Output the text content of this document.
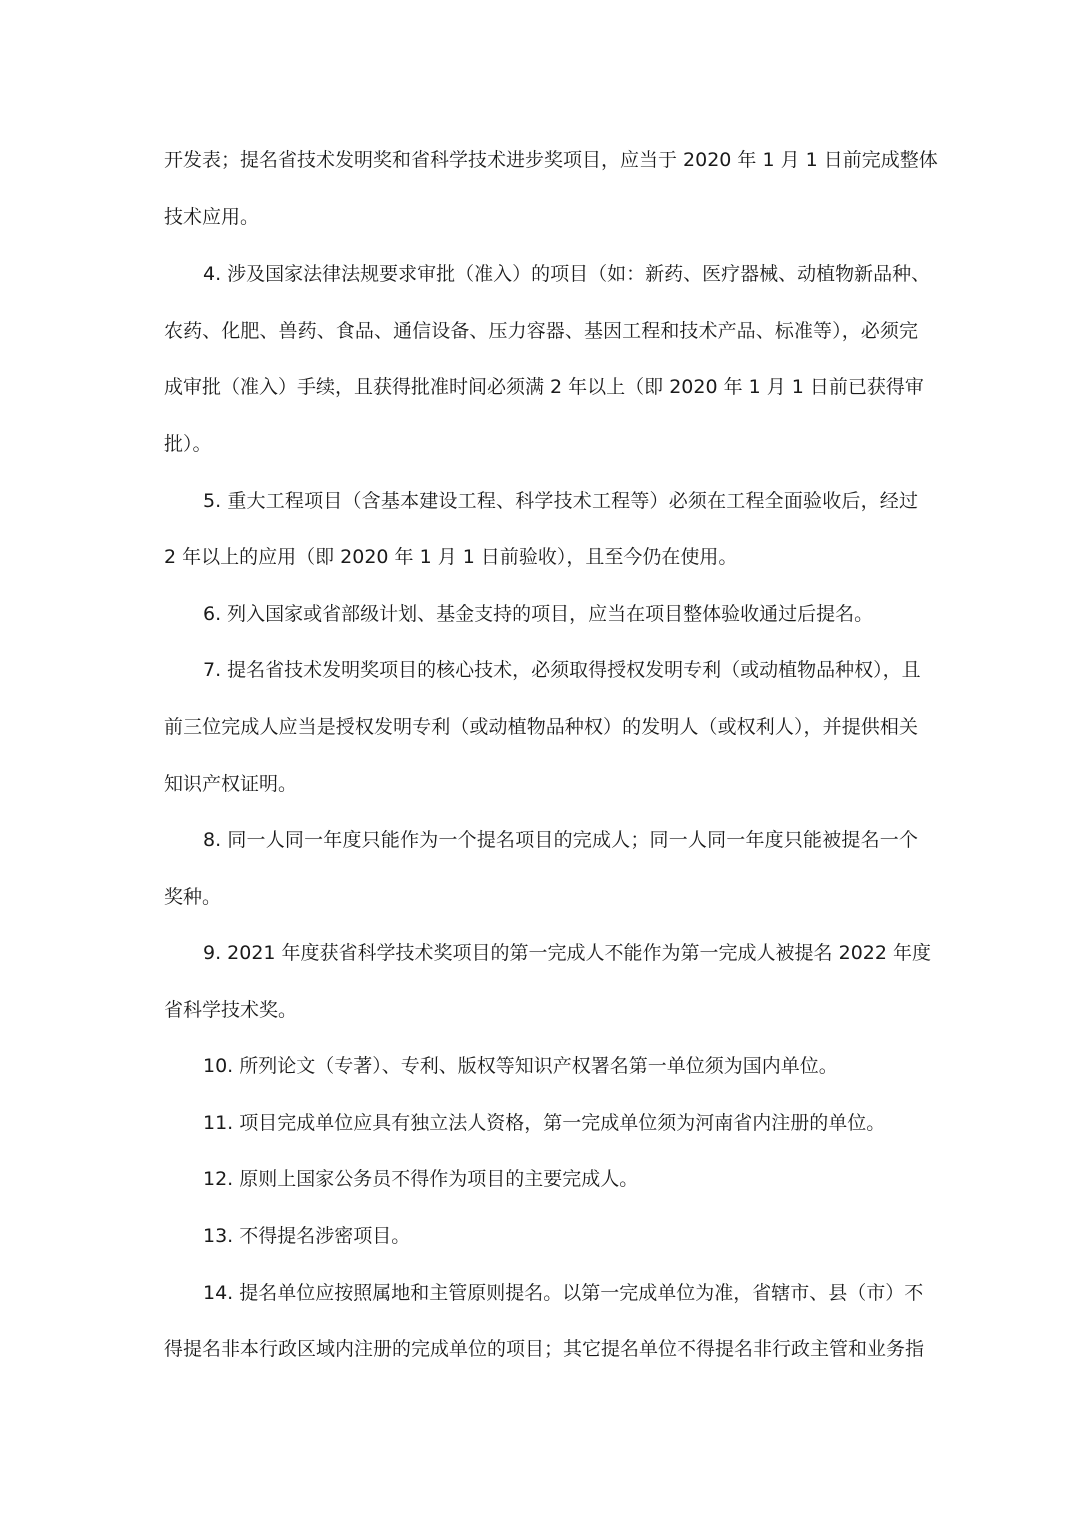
开发表；提名省技术发明奖和省科学技术进步奖项目，应当于 2020 年 1 月 1 日前完成整体
技术应用。
4. 涉及国家法律法规要求审批（准入）的项目（如：新药、医疗器械、动植物新品种、
农药、化肥、兽药、食品、通信设备、压力容器、基因工程和技术产品、标准等），必须完
成审批（准入）手续，且获得批准时间必须满 2 年以上（即 2020 年 1 月 1 日前已获得审
批）。
5. 重大工程项目（含基本建设工程、科学技术工程等）必须在工程全面验收后，经过
2 年以上的应用（即 2020 年 1 月 1 日前验收），且至今仍在使用。
6. 列入国家或省部级计划、基金支持的项目，应当在项目整体验收通过后提名。
7. 提名省技术发明奖项目的核心技术，必须取得授权发明专利（或动植物品种权），且
前三位完成人应当是授权发明专利（或动植物品种权）的发明人（或权利人），并提供相关
知识产权证明。
8. 同一人同一年度只能作为一个提名项目的完成人；同一人同一年度只能被提名一个
奖种。
9. 2021 年度获省科学技术奖项目的第一完成人不能作为第一完成人被提名 2022 年度
省科学技术奖。
10. 所列论文（专著）、专利、版权等知识产权署名第一单位须为国内单位。
11. 项目完成单位应具有独立法人资格，第一完成单位须为河南省内注册的单位。
12. 原则上国家公务员不得作为项目的主要完成人。
13. 不得提名涉密项目。
14. 提名单位应按照属地和主管原则提名。以第一完成单位为准，省辖市、县（市）不
得提名非本行政区域内注册的完成单位的项目；其它提名单位不得提名非行政主管和业务指
